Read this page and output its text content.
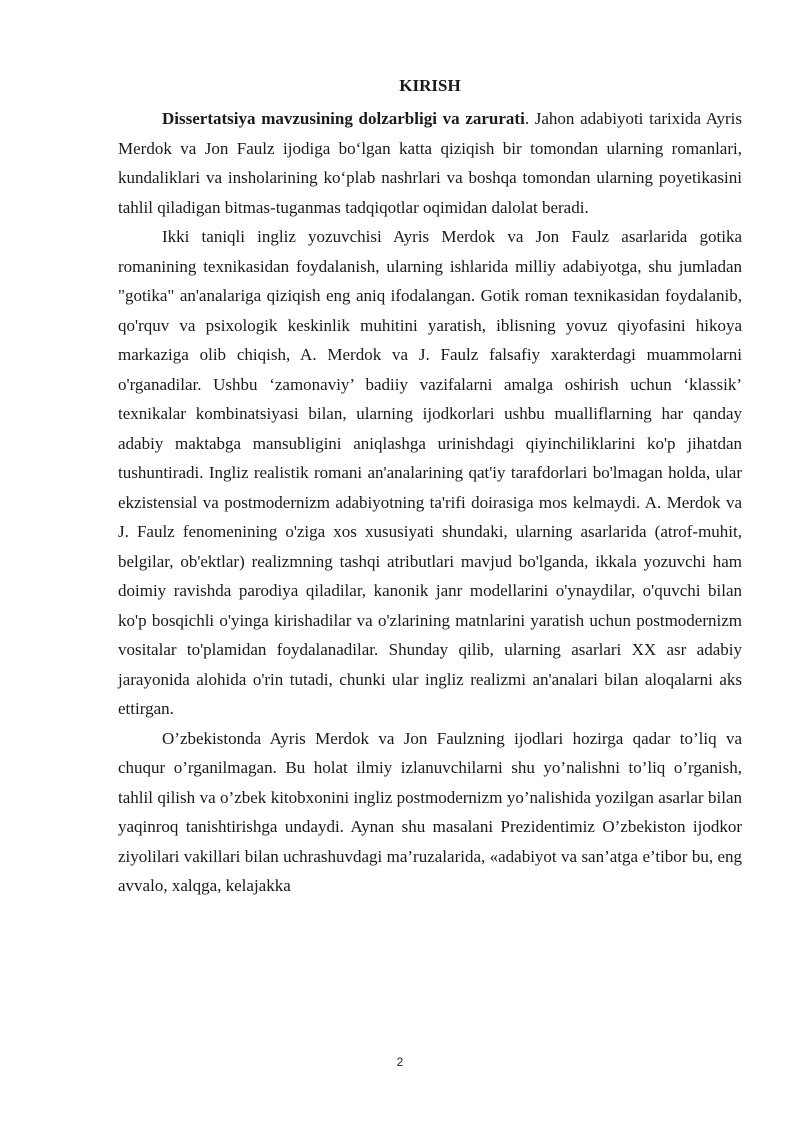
KIRISH

Dissertatsiya mavzusining dolzarbligi va zarurati. Jahon adabiyoti tarixida Ayris Merdok va Jon Faulz ijodiga bo‘lgan katta qiziqish bir tomondan ularning romanlari, kundaliklari va insholarining ko‘plab nashrlari va boshqa tomondan ularning poyetikasini tahlil qiladigan bitmas-tuganmas tadqiqotlar oqimidan dalolat beradi.

Ikki taniqli ingliz yozuvchisi Ayris Merdok va Jon Faulz asarlarida gotika romanining texnikasidan foydalanish, ularning ishlarida milliy adabiyotga, shu jumladan "gotika" an'analariga qiziqish eng aniq ifodalangan. Gotik roman texnikasidan foydalanib, qo'rquv va psixologik keskinlik muhitini yaratish, iblisning yovuz qiyofasini hikoya markaziga olib chiqish, A. Merdok va J. Faulz falsafiy xarakterdagi muammolarni o'rganadilar. Ushbu ‘zamonaviy’ badiiy vazifalarni amalga oshirish uchun ‘klassik’ texnikalar kombinatsiyasi bilan, ularning ijodkorlari ushbu mualliflarning har qanday adabiy maktabga mansubligini aniqlashga urinishdagi qiyinchiliklarini ko'p jihatdan tushuntiradi. Ingliz realistik romani an'analarining qat'iy tarafdorlari bo'lmagan holda, ular ekzistensial va postmodernizm adabiyotning ta'rifi doirasiga mos kelmaydi. A. Merdok va J. Faulz fenomenining o'ziga xos xususiyati shundaki, ularning asarlarida (atrof-muhit, belgilar, ob'ektlar) realizmning tashqi atributlari mavjud bo'lganda, ikkala yozuvchi ham doimiy ravishda parodiya qiladilar, kanonik janr modellarini o'ynaydilar, o'quvchi bilan ko'p bosqichli o'yinga kirishadilar va o'zlarining matnlarini yaratish uchun postmodernizm vositalar to'plamidan foydalanadilar. Shunday qilib, ularning asarlari XX asr adabiy jarayonida alohida o'rin tutadi, chunki ular ingliz realizmi an'analari bilan aloqalarni aks ettirgan.

O’zbekistonda Ayris Merdok va Jon Faulzning ijodlari hozirga qadar to’liq va chuqur o’rganilmagan. Bu holat ilmiy izlanuvchilarni shu yo’nalishni to’liq o’rganish, tahlil qilish va o’zbek kitobxonini ingliz postmodernizm yo’nalishida yozilgan asarlar bilan yaqinroq tanishtirishga undaydi. Aynan shu masalani Prezidentimiz O’zbekiston ijodkor ziyolilari vakillari bilan uchrashuvdagi ma’ruzalarida, «adabiyot va san’atga e’tibor bu, eng avvalo, xalqga, kelajakka

2
